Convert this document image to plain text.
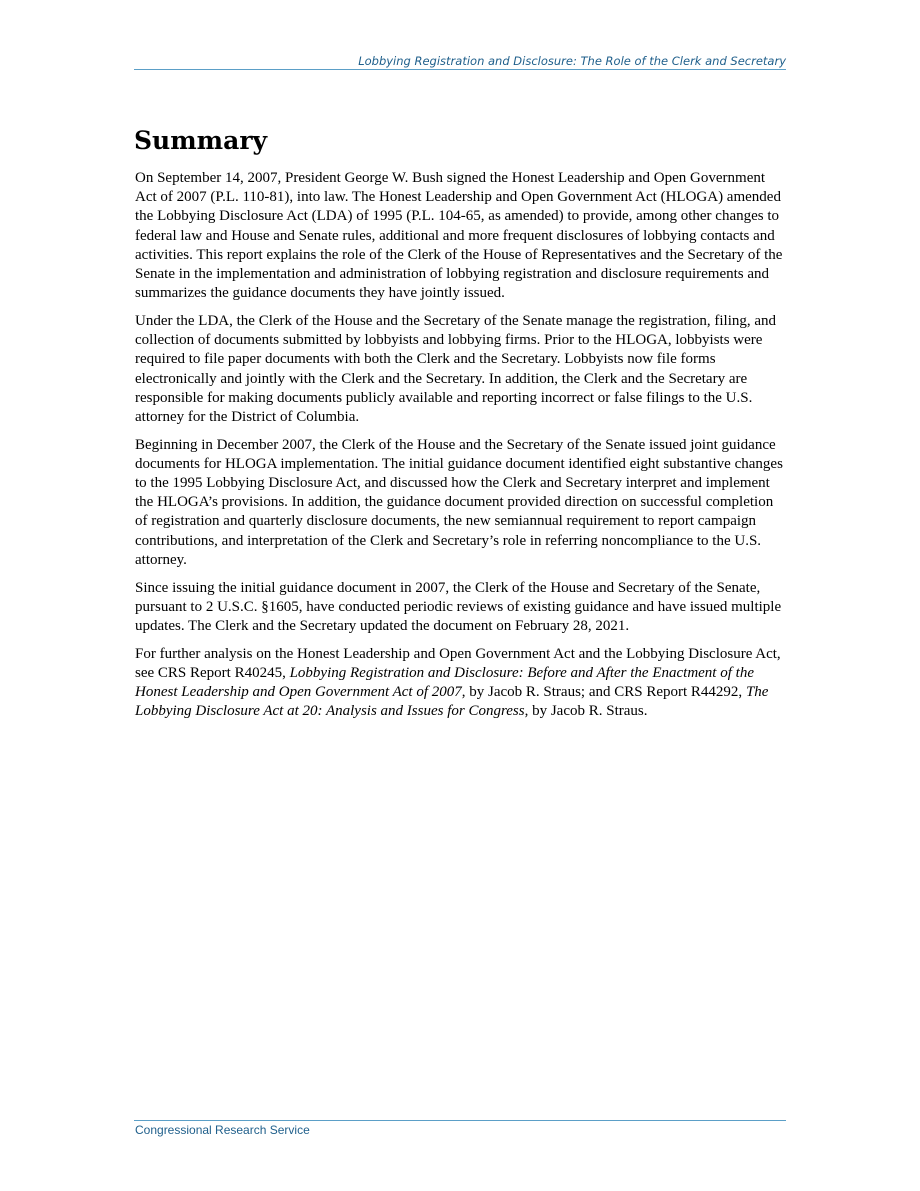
Lobbying Registration and Disclosure: The Role of the Clerk and Secretary
Summary

On September 14, 2007, President George W. Bush signed the Honest Leadership and Open Government Act of 2007 (P.L. 110-81), into law. The Honest Leadership and Open Government Act (HLOGA) amended the Lobbying Disclosure Act (LDA) of 1995 (P.L. 104-65, as amended) to provide, among other changes to federal law and House and Senate rules, additional and more frequent disclosures of lobbying contacts and activities. This report explains the role of the Clerk of the House of Representatives and the Secretary of the Senate in the implementation and administration of lobbying registration and disclosure requirements and summarizes the guidance documents they have jointly issued.

Under the LDA, the Clerk of the House and the Secretary of the Senate manage the registration, filing, and collection of documents submitted by lobbyists and lobbying firms. Prior to the HLOGA, lobbyists were required to file paper documents with both the Clerk and the Secretary. Lobbyists now file forms electronically and jointly with the Clerk and the Secretary. In addition, the Clerk and the Secretary are responsible for making documents publicly available and reporting incorrect or false filings to the U.S. attorney for the District of Columbia.

Beginning in December 2007, the Clerk of the House and the Secretary of the Senate issued joint guidance documents for HLOGA implementation. The initial guidance document identified eight substantive changes to the 1995 Lobbying Disclosure Act, and discussed how the Clerk and Secretary interpret and implement the HLOGA’s provisions. In addition, the guidance document provided direction on successful completion of registration and quarterly disclosure documents, the new semiannual requirement to report campaign contributions, and interpretation of the Clerk and Secretary’s role in referring noncompliance to the U.S. attorney.

Since issuing the initial guidance document in 2007, the Clerk of the House and Secretary of the Senate, pursuant to 2 U.S.C. §1605, have conducted periodic reviews of existing guidance and have issued multiple updates. The Clerk and the Secretary updated the document on February 28, 2021.

For further analysis on the Honest Leadership and Open Government Act and the Lobbying Disclosure Act, see CRS Report R40245, Lobbying Registration and Disclosure: Before and After the Enactment of the Honest Leadership and Open Government Act of 2007, by Jacob R. Straus; and CRS Report R44292, The Lobbying Disclosure Act at 20: Analysis and Issues for Congress, by Jacob R. Straus.

Congressional Research Service
